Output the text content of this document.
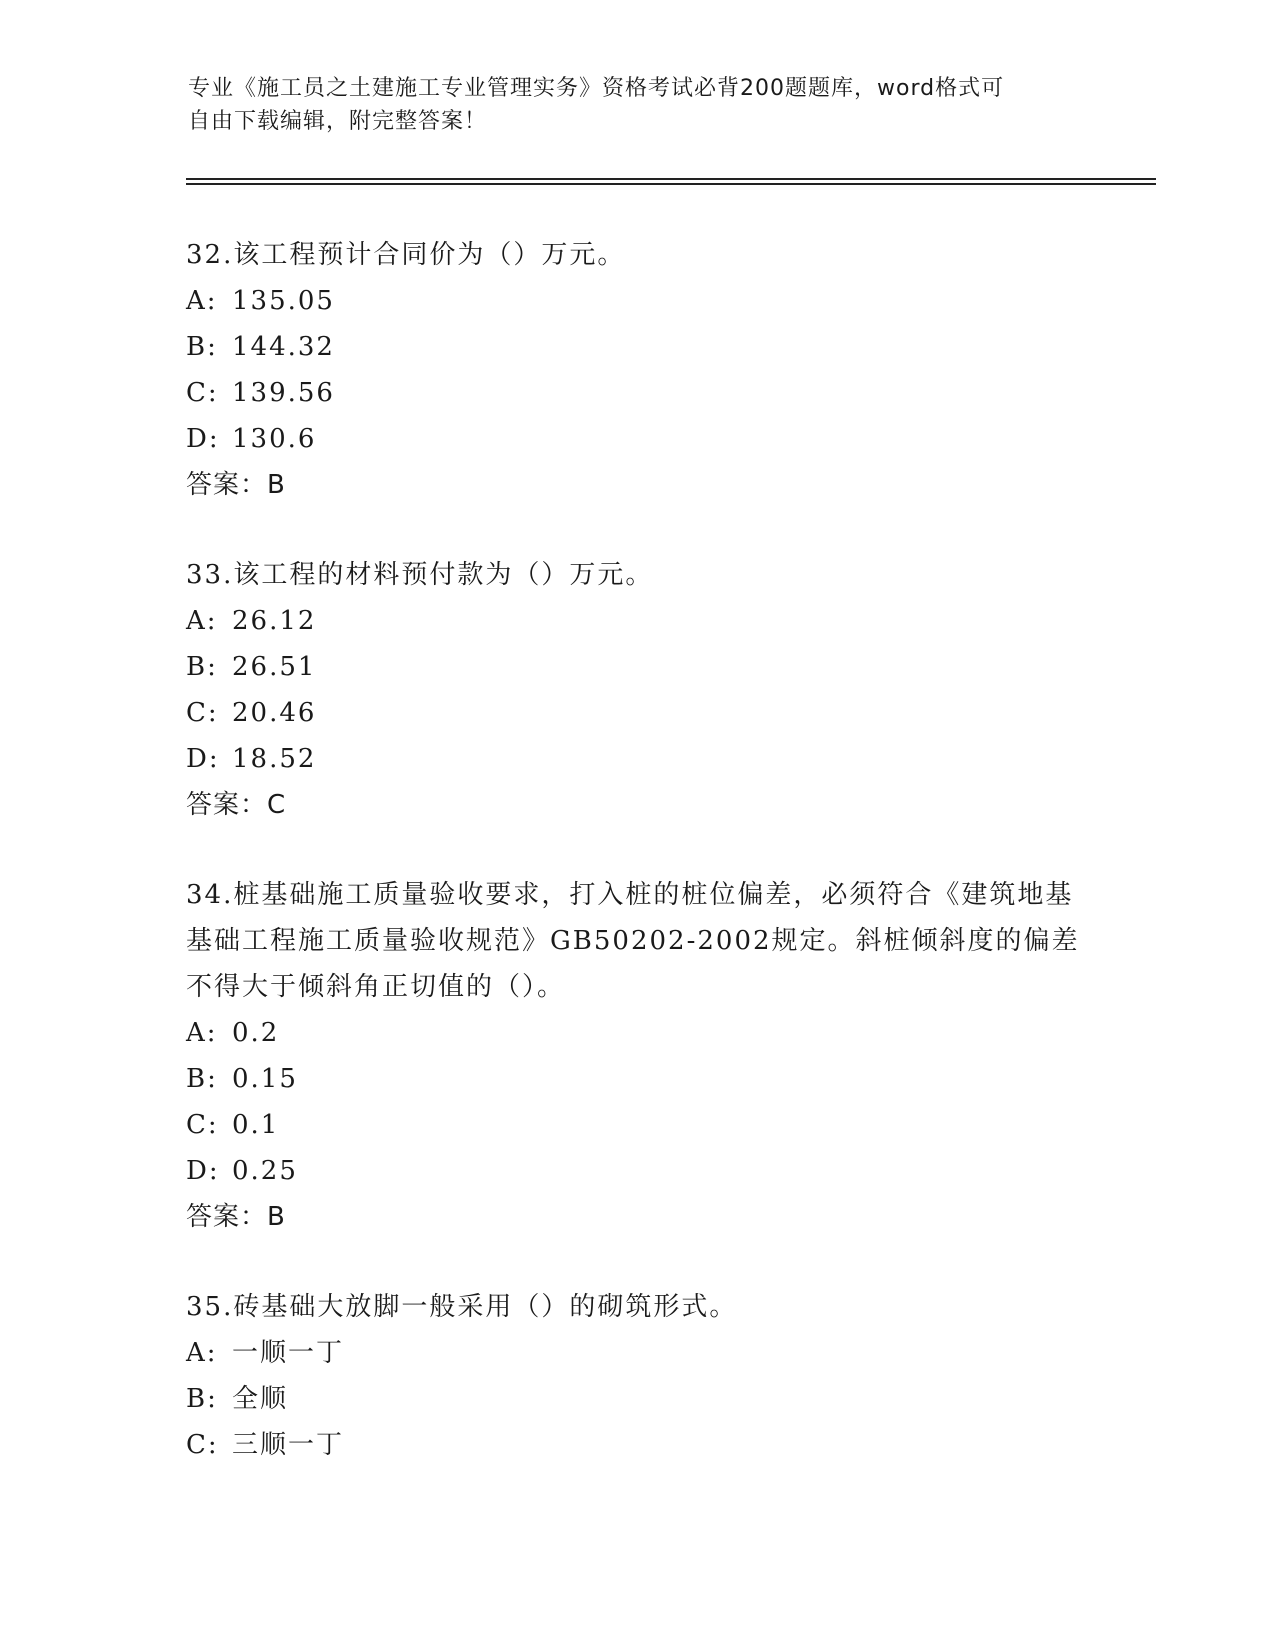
专业《施工员之土建施工专业管理实务》资格考试必背200题题库，word格式可
自由下载编辑，附完整答案！
32.该工程预计合同价为（）万元。
A: 135.05
B: 144.32
C: 139.56
D: 130.6
答案：B
33.该工程的材料预付款为（）万元。
A: 26.12
B: 26.51
C: 20.46
D: 18.52
答案：C
34.桩基础施工质量验收要求，打入桩的桩位偏差，必须符合《建筑地基基础工程施工质量验收规范》GB50202-2002规定。斜桩倾斜度的偏差不得大于倾斜角正切值的（）。
A: 0.2
B: 0.15
C: 0.1
D: 0.25
答案：B
35.砖基础大放脚一般采用（）的砌筑形式。
A: 一顺一丁
B: 全顺
C: 三顺一丁
